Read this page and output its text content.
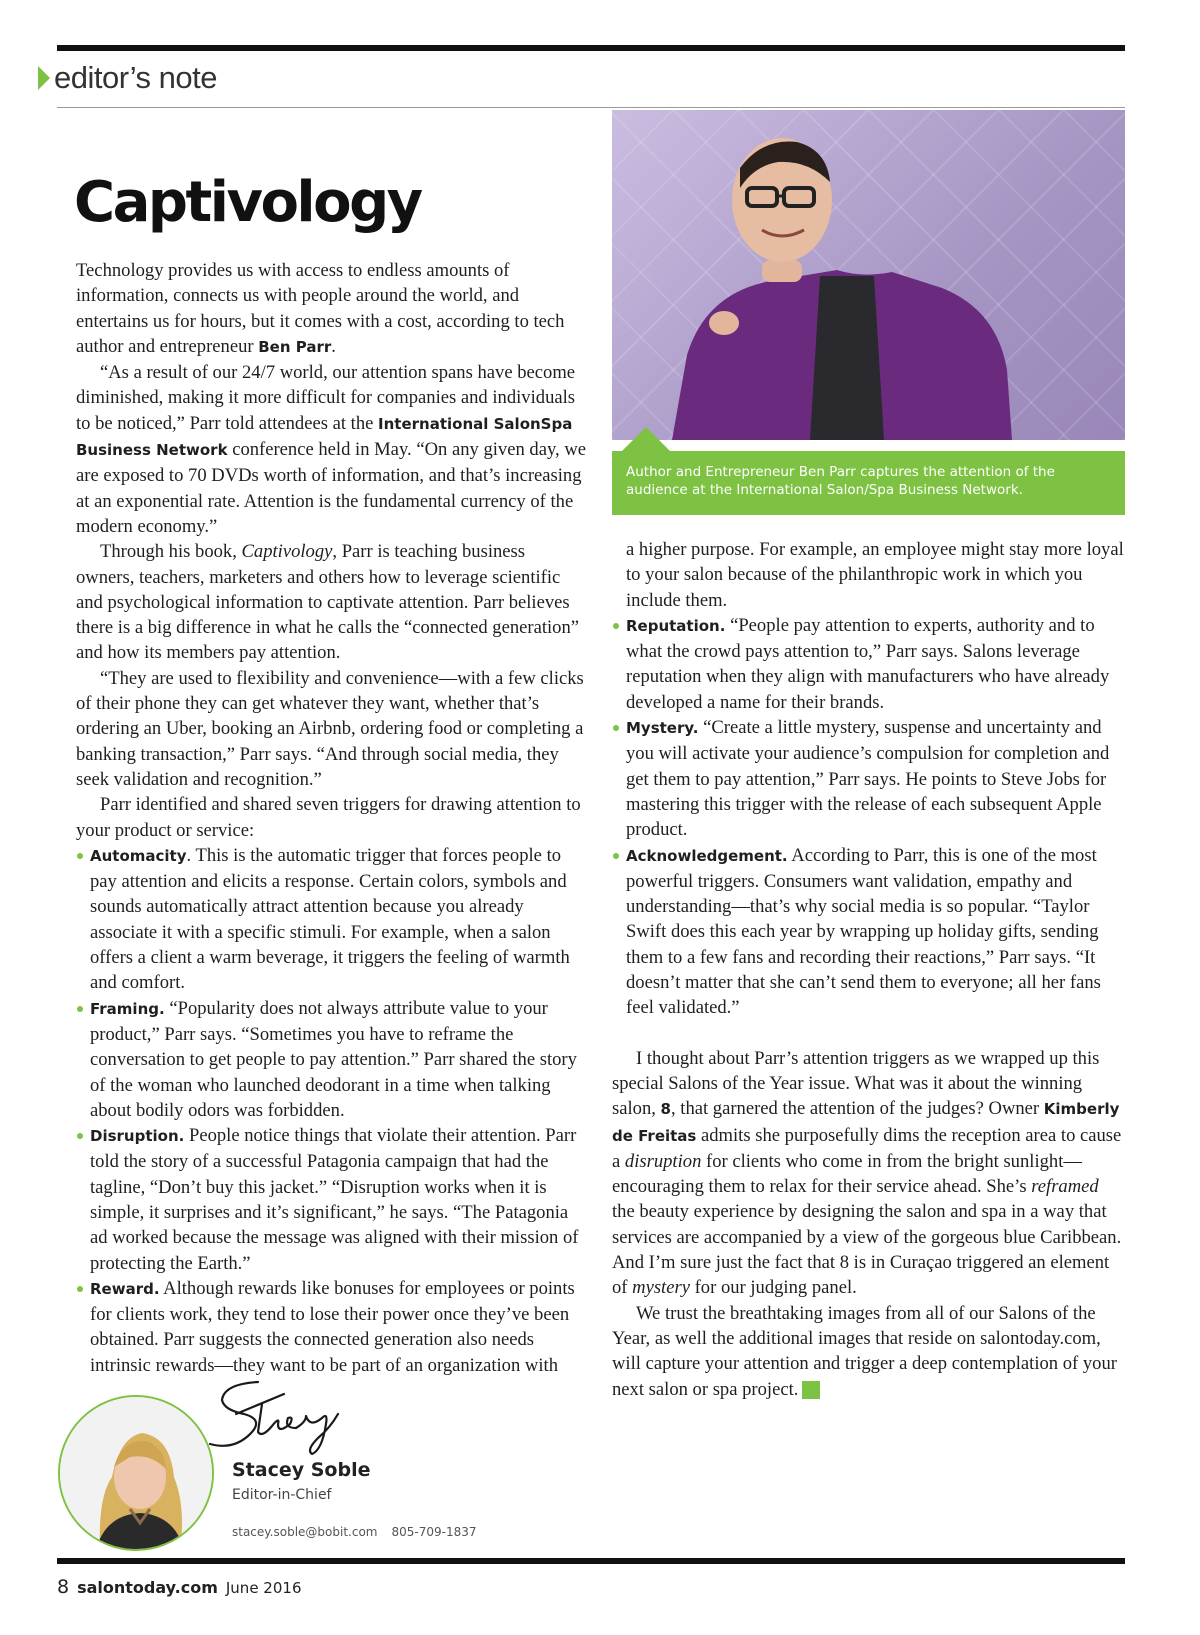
editor’s note
Captivology

Technology provides us with access to endless amounts of information, connects us with people around the world, and entertains us for hours, but it comes with a cost, according to tech author and entrepreneur Ben Parr.

“As a result of our 24/7 world, our attention spans have become diminished, making it more difficult for companies and individuals to be noticed,” Parr told attendees at the International SalonSpa Business Network conference held in May. “On any given day, we are exposed to 70 DVDs worth of information, and that’s increasing at an exponential rate. Attention is the fundamental currency of the modern economy.”

Through his book, Captivology, Parr is teaching business owners, teachers, marketers and others how to leverage scientific and psychological information to captivate attention. Parr believes there is a big difference in what he calls the “connected generation” and how its members pay attention.

“They are used to flexibility and convenience—with a few clicks of their phone they can get whatever they want, whether that’s ordering an Uber, booking an Airbnb, ordering food or completing a banking transaction,” Parr says. “And through social media, they seek validation and recognition.”

Parr identified and shared seven triggers for drawing attention to your product or service:

Automacity. This is the automatic trigger that forces people to pay attention and elicits a response. Certain colors, symbols and sounds automatically attract attention because you already associate it with a specific stimuli. For example, when a salon offers a client a warm beverage, it triggers the feeling of warmth and comfort.
Framing. “Popularity does not always attribute value to your product,” Parr says. “Sometimes you have to reframe the conversation to get people to pay attention.” Parr shared the story of the woman who launched deodorant in a time when talking about bodily odors was forbidden.
Disruption. People notice things that violate their attention. Parr told the story of a successful Patagonia campaign that had the tagline, “Don’t buy this jacket.” “Disruption works when it is simple, it surprises and it’s significant,” he says. “The Patagonia ad worked because the message was aligned with their mission of protecting the Earth.”
Reward. Although rewards like bonuses for employees or points for clients work, they tend to lose their power once they’ve been obtained. Parr suggests the connected generation also needs intrinsic rewards—they want to be part of an organization with
Author and Entrepreneur Ben Parr captures the attention of the audience at the International Salon/Spa Business Network.

a higher purpose. For example, an employee might stay more loyal to your salon because of the philanthropic work in which you include them.

Reputation. “People pay attention to experts, authority and to what the crowd pays attention to,” Parr says. Salons leverage reputation when they align with manufacturers who have already developed a name for their brands.
Mystery. “Create a little mystery, suspense and uncertainty and you will activate your audience’s compulsion for completion and get them to pay attention,” Parr says. He points to Steve Jobs for mastering this trigger with the release of each subsequent Apple product.
Acknowledgement. According to Parr, this is one of the most powerful triggers. Consumers want validation, empathy and understanding—that’s why social media is so popular. “Taylor Swift does this each year by wrapping up holiday gifts, sending them to a few fans and recording their reactions,” Parr says. “It doesn’t matter that she can’t send them to everyone; all her fans feel validated.”

I thought about Parr’s attention triggers as we wrapped up this special Salons of the Year issue. What was it about the winning salon, 8, that garnered the attention of the judges? Owner Kimberly de Freitas admits she purposefully dims the reception area to cause a disruption for clients who come in from the bright sunlight—encouraging them to relax for their service ahead. She’s reframed the beauty experience by designing the salon and spa in a way that services are accompanied by a view of the gorgeous blue Caribbean. And I’m sure just the fact that 8 is in Curaçao triggered an element of mystery for our judging panel.

We trust the breathtaking images from all of our Salons of the Year, as well the additional images that reside on salontoday.com, will capture your attention and trigger a deep contemplation of your next salon or spa project. st

Stacey Soble
Editor-in-Chief
stacey.soble@bobit.com 805-709-1837
8 salontoday.com June 2016
